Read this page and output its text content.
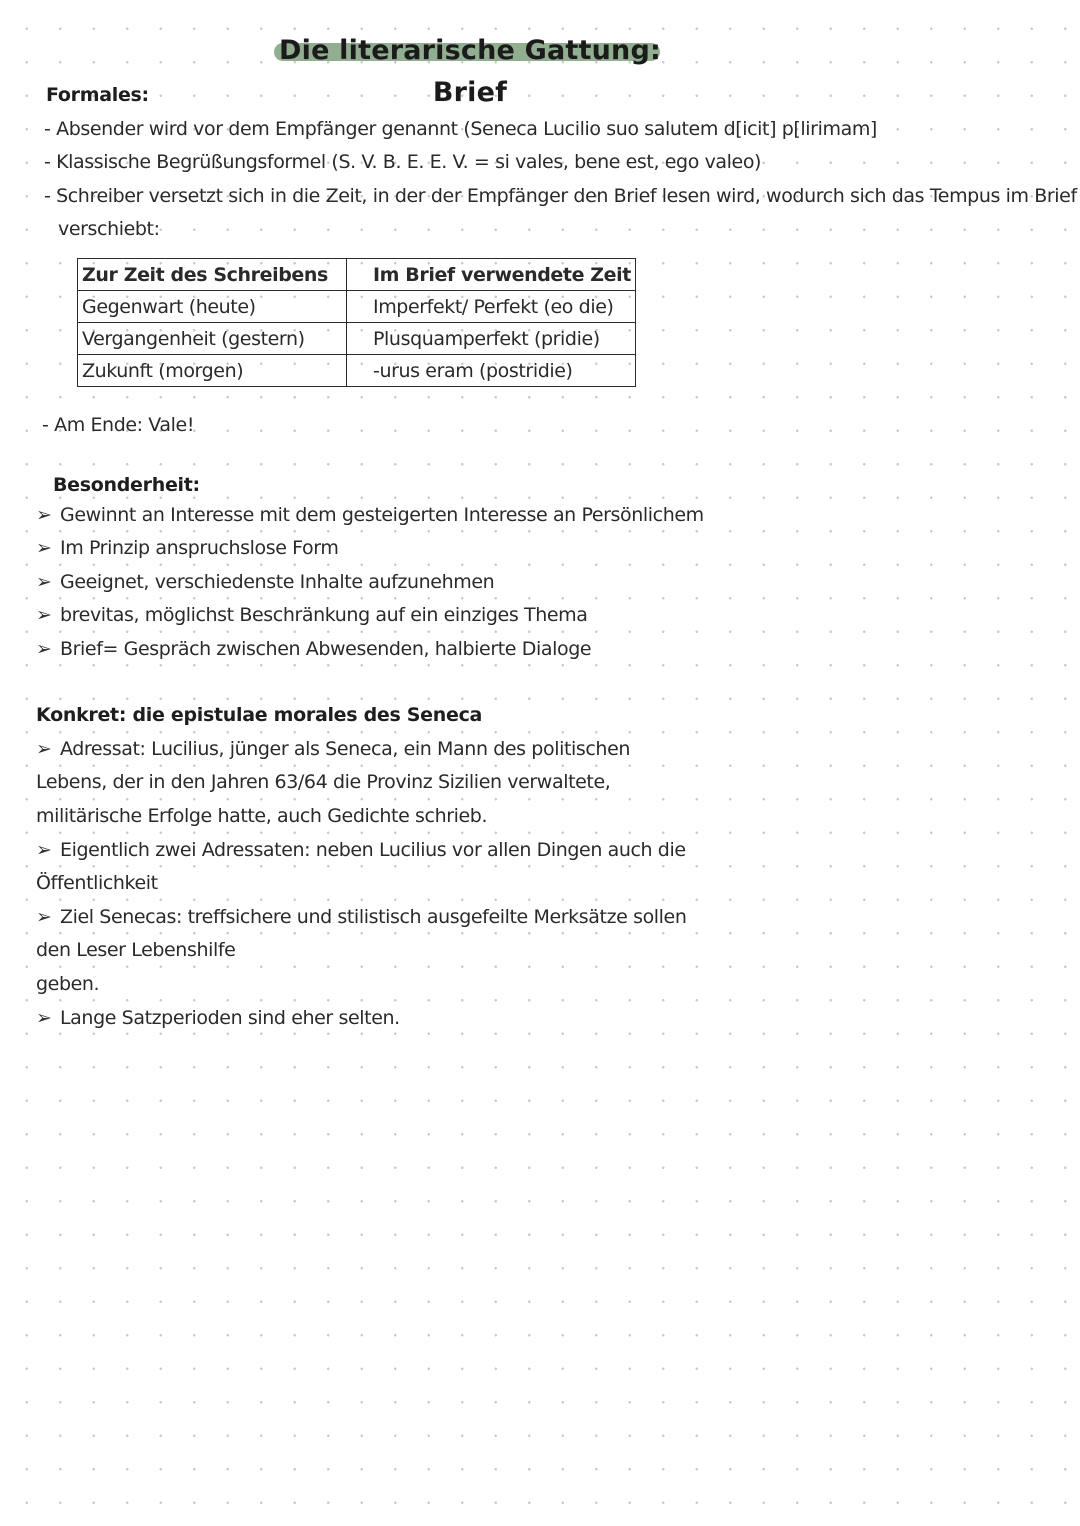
Die literarische Gattung: Brief
Formales:
- Absender wird vor dem Empfänger genannt (Seneca Lucilio suo salutem d[icit] p[lirimam]
- Klassische Begrüßungsformel (S. V. B. E. E. V. = si vales, bene est, ego valeo)
- Schreiber versetzt sich in die Zeit, in der der Empfänger den Brief lesen wird, wodurch sich das Tempus im Brief
verschiebt:
Zur Zeit des Schreibens	Im Brief verwendete Zeit
Gegenwart (heute)	Imperfekt/ Perfekt (eo die)
Vergangenheit (gestern)	Plusquamperfekt (pridie)
Zukunft (morgen)	-urus eram (postridie)
- Am Ende: Vale!
Besonderheit:
➢ Gewinnt an Interesse mit dem gesteigerten Interesse an Persönlichem
➢ Im Prinzip anspruchslose Form
➢ Geeignet, verschiedenste Inhalte aufzunehmen
➢ brevitas, möglichst Beschränkung auf ein einziges Thema
➢ Brief= Gespräch zwischen Abwesenden, halbierte Dialoge
Konkret: die epistulae morales des Seneca
➢ Adressat: Lucilius, jünger als Seneca, ein Mann des politischen
Lebens, der in den Jahren 63/64 die Provinz Sizilien verwaltete,
militärische Erfolge hatte, auch Gedichte schrieb.
➢ Eigentlich zwei Adressaten: neben Lucilius vor allen Dingen auch die
Öffentlichkeit
➢ Ziel Senecas: treffsichere und stilistisch ausgefeilte Merksätze sollen
den Leser Lebenshilfe
geben.
➢ Lange Satzperioden sind eher selten.
